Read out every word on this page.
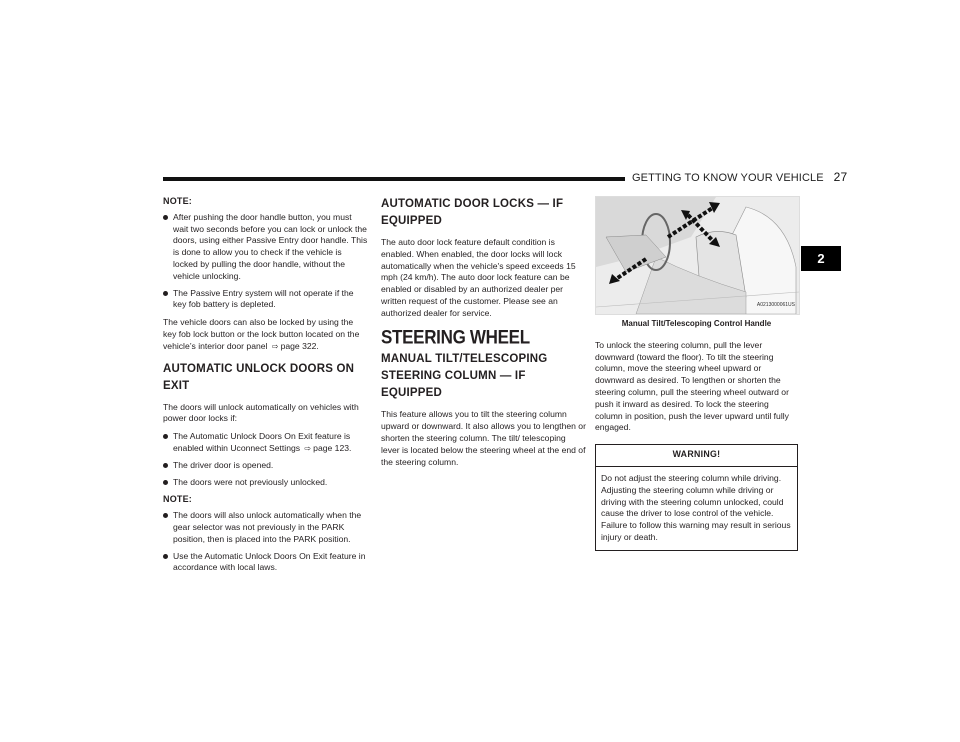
GETTING TO KNOW YOUR VEHICLE 27
2
NOTE:
After pushing the door handle button, you must wait two seconds before you can lock or unlock the doors, using either Passive Entry door handle. This is done to allow you to check if the vehicle is locked by pulling the door handle, without the vehicle unlocking.
The Passive Entry system will not operate if the key fob battery is depleted.

The vehicle doors can also be locked by using the key fob lock button or the lock button located on the vehicle’s interior door panel ⇨ page 322.

AUTOMATIC UNLOCK DOORS ON EXIT

The doors will unlock automatically on vehicles with power door locks if:

The Automatic Unlock Doors On Exit feature is enabled within Uconnect Settings ⇨ page 123.
The driver door is opened.
The doors were not previously unlocked.
NOTE:
The doors will also unlock automatically when the gear selector was not previously in the PARK position, then is placed into the PARK position.
Use the Automatic Unlock Doors On Exit feature in accordance with local laws.
AUTOMATIC DOOR LOCKS — IF EQUIPPED

The auto door lock feature default condition is enabled. When enabled, the door locks will lock automatically when the vehicle's speed exceeds 15 mph (24 km/h). The auto door lock feature can be enabled or disabled by an authorized dealer per written request of the customer. Please see an authorized dealer for service.

STEERING WHEEL
MANUAL TILT/TELESCOPING STEERING COLUMN — IF EQUIPPED

This feature allows you to tilt the steering column upward or downward. It also allows you to lengthen or shorten the steering column. The tilt/ telescoping lever is located below the steering wheel at the end of the steering column.

A0213000061US
Manual Tilt/Telescoping Control Handle

To unlock the steering column, pull the lever downward (toward the floor). To tilt the steering column, move the steering wheel upward or downward as desired. To lengthen or shorten the steering column, pull the steering wheel outward or push it inward as desired. To lock the steering column in position, push the lever upward until fully engaged.

WARNING!
Do not adjust the steering column while driving. Adjusting the steering column while driving or driving with the steering column unlocked, could cause the driver to lose control of the vehicle. Failure to follow this warning may result in serious injury or death.
